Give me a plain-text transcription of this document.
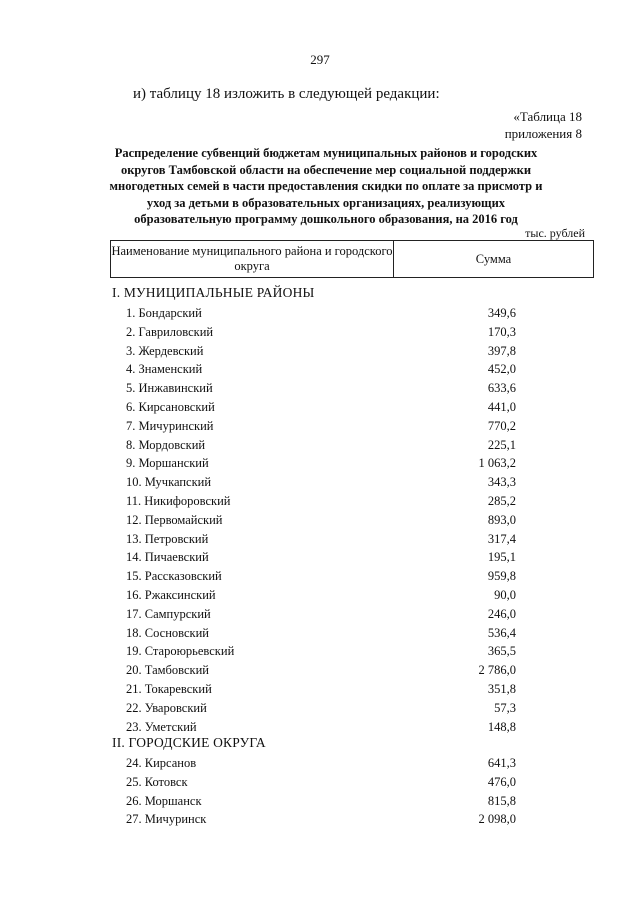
297
и) таблицу 18 изложить в следующей редакции:
«Таблица 18
приложения 8
Распределение субвенций бюджетам муниципальных районов и городских округов Тамбовской области на обеспечение мер социальной поддержки многодетных семей в части предоставления скидки по оплате за присмотр и уход за детьми в образовательных организациях, реализующих образовательную программу дошкольного образования, на 2016 год
тыс. рублей
Наименование муниципального района и городского округа
Сумма
I. МУНИЦИПАЛЬНЫЕ РАЙОНЫ
1. Бондарский	349,6
2. Гавриловский	170,3
3. Жердевский	397,8
4. Знаменский	452,0
5. Инжавинский	633,6
6. Кирсановский	441,0
7. Мичуринский	770,2
8. Мордовский	225,1
9. Моршанский	1 063,2
10. Мучкапский	343,3
11. Никифоровский	285,2
12. Первомайский	893,0
13. Петровский	317,4
14. Пичаевский	195,1
15. Рассказовский	959,8
16. Ржаксинский	90,0
17. Сампурский	246,0
18. Сосновский	536,4
19. Староюрьевский	365,5
20. Тамбовский	2 786,0
21. Токаревский	351,8
22. Уваровский	57,3
23. Уметский	148,8
II. ГОРОДСКИЕ ОКРУГА
24. Кирсанов	641,3
25. Котовск	476,0
26. Моршанск	815,8
27. Мичуринск	2 098,0
